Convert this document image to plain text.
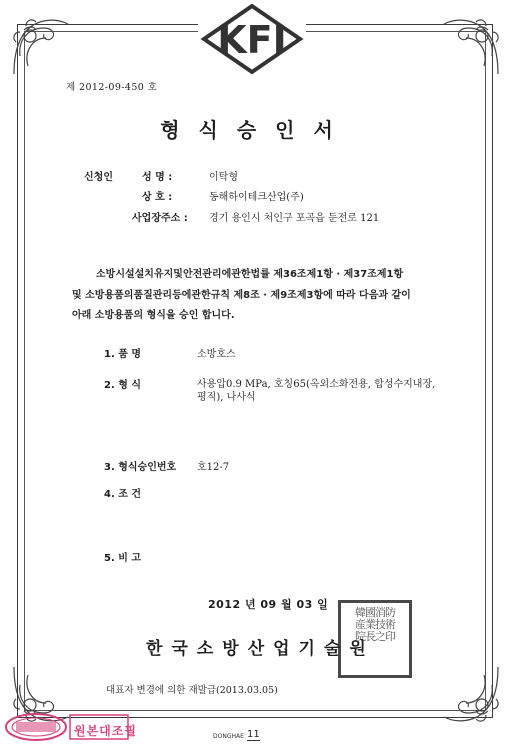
KFI
제 2012-09-450 호
형식승인서
신청인	성 명 :	이탁형
상 호 :	동해하이테크산업(주)
사업장주소 : 경기 용인시 처인구 포곡읍 둔전로 121
소방시설설치유지및안전관리에관한법률 제36조제1항 · 제37조제1항
및 소방용품의품질관리등에관한규칙 제8조 · 제9조제3항에 따라 다음과 같이
아래 소방용품의 형식을 승인 합니다.
1. 품 명	소방호스
2. 형 식	사용압0.9 MPa, 호칭65(옥외소화전용, 합성수지내장,
평직), 나사식
3. 형식승인번호 호12-7
4. 조 건
5. 비 고
2012 년 09 월 03 일
한국소방산업기술원
韓國消防
産業技術
院長之印
대표자 변경에 의한 재발급(2013.03.05)
원본대조필	DONGHAE 11
